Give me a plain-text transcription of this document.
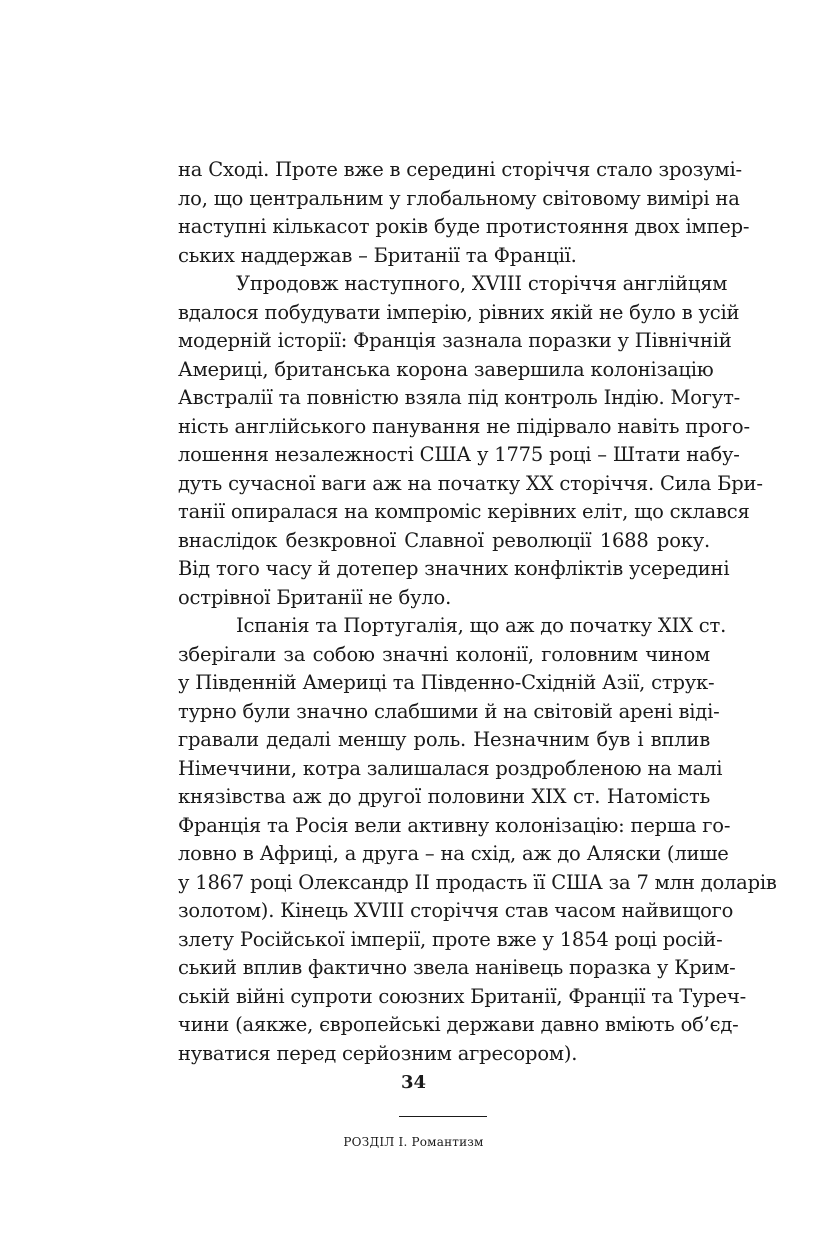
на Сході. Проте вже в середині сторіччя стало зрозумі-
ло, що центральним у глобальному світовому вимірі на
наступні кількасот років буде протистояння двох імпер-
ських наддержав – Британії та Франції.
Упродовж наступного, XVIII сторіччя англійцям
вдалося побудувати імперію, рівних якій не було в усій
модерній історії: Франція зазнала поразки у Північній
Америці, британська корона завершила колонізацію
Австралії та повністю взяла під контроль Індію. Могут-
ність англійського панування не підірвало навіть прого-
лошення незалежності США у 1775 році – Штати набу-
дуть сучасної ваги аж на початку XX сторіччя. Сила Бри-
танії опиралася на компроміс керівних еліт, що склався
внаслідок безкровної Славної революції 1688 року.
Від того часу й дотепер значних конфліктів усередині
острівної Британії не було.
Іспанія та Португалія, що аж до початку XIX ст.
зберігали за собою значні колонії, головним чином
у Південній Америці та Південно-Східній Азії, струк-
турно були значно слабшими й на світовій арені віді-
гравали дедалі меншу роль. Незначним був і вплив
Німеччини, котра залишалася роздробленою на малі
князівства аж до другої половини XIX ст. Натомість
Франція та Росія вели активну колонізацію: перша го-
ловно в Африці, а друга – на схід, аж до Аляски (лише
у 1867 році Олександр II продасть її США за 7 млн доларів
золотом). Кінець XVIII сторіччя став часом найвищого
злету Російської імперії, проте вже у 1854 році росій-
ський вплив фактично звела нанівець поразка у Крим-
ській війні супроти союзних Британії, Франції та Туреч-
чини (аякже, європейські держави давно вміють об’єд-
нуватися перед серйозним агресором).
34
РОЗДІЛ І. Романтизм
